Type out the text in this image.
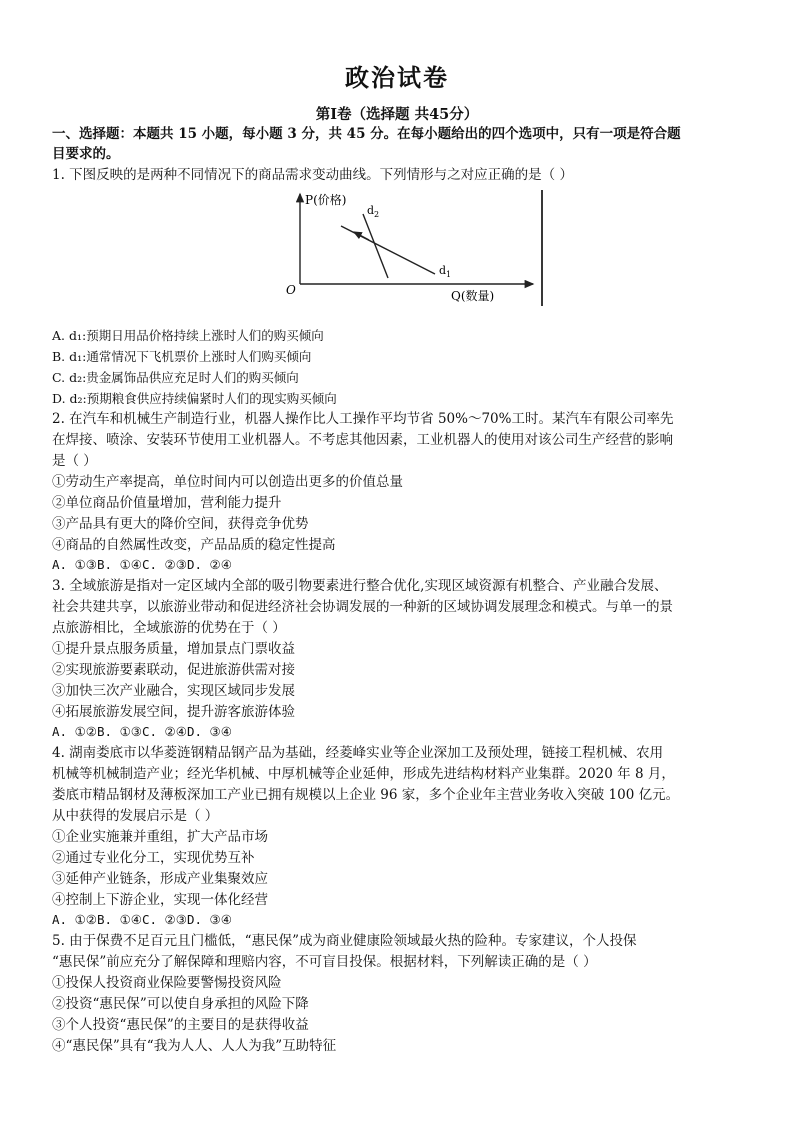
政治试卷
第Ⅰ卷（选择题 共45分）
一、选择题：本题共 15 小题，每小题 3 分，共 45 分。在每小题给出的四个选项中，只有一项是符合题
目要求的。
1. 下图反映的是两种不同情况下的商品需求变动曲线。下列情形与之对应正确的是（ ）
P(价格)
Q(数量)
O
$d_2$
$d_1$
A. d₁:预期日用品价格持续上涨时人们的购买倾向
B. d₁:通常情况下飞机票价上涨时人们购买倾向
C. d₂:贵金属饰品供应充足时人们的购买倾向
D. d₂:预期粮食供应持续偏紧时人们的现实购买倾向
2. 在汽车和机械生产制造行业，机器人操作比人工操作平均节省 50%～70%工时。某汽车有限公司率先
在焊接、喷涂、安装环节使用工业机器人。不考虑其他因素，工业机器人的使用对该公司生产经营的影响
是（ ）
①劳动生产率提高，单位时间内可以创造出更多的价值总量
②单位商品价值量增加，营利能力提升
③产品具有更大的降价空间，获得竞争优势
④商品的自然属性改变，产品品质的稳定性提高
A. ①③B. ①④C. ②③D. ②④
3. 全域旅游是指对一定区域内全部的吸引物要素进行整合优化,实现区域资源有机整合、产业融合发展、
社会共建共享，以旅游业带动和促进经济社会协调发展的一种新的区域协调发展理念和模式。与单一的景
点旅游相比，全域旅游的优势在于（ ）
①提升景点服务质量，增加景点门票收益
②实现旅游要素联动，促进旅游供需对接
③加快三次产业融合，实现区域同步发展
④拓展旅游发展空间，提升游客旅游体验
A. ①②B. ①③C. ②④D. ③④
4. 湖南娄底市以华菱涟钢精品钢产品为基础，经菱峰实业等企业深加工及预处理，链接工程机械、农用
机械等机械制造产业；经光华机械、中厚机械等企业延伸，形成先进结构材料产业集群。2020 年 8 月，
娄底市精品钢材及薄板深加工产业已拥有规模以上企业 96 家，多个企业年主营业务收入突破 100 亿元。
从中获得的发展启示是（ ）
①企业实施兼并重组，扩大产品市场
②通过专业化分工，实现优势互补
③延伸产业链条，形成产业集聚效应
④控制上下游企业，实现一体化经营
A. ①②B. ①④C. ②③D. ③④
5. 由于保费不足百元且门槛低，“惠民保”成为商业健康险领域最火热的险种。专家建议，个人投保
“惠民保”前应充分了解保障和理赔内容，不可盲目投保。根据材料，下列解读正确的是（ ）
①投保人投资商业保险要警惕投资风险
②投资“惠民保”可以使自身承担的风险下降
③个人投资“惠民保”的主要目的是获得收益
④“惠民保”具有“我为人人、人人为我”互助特征
